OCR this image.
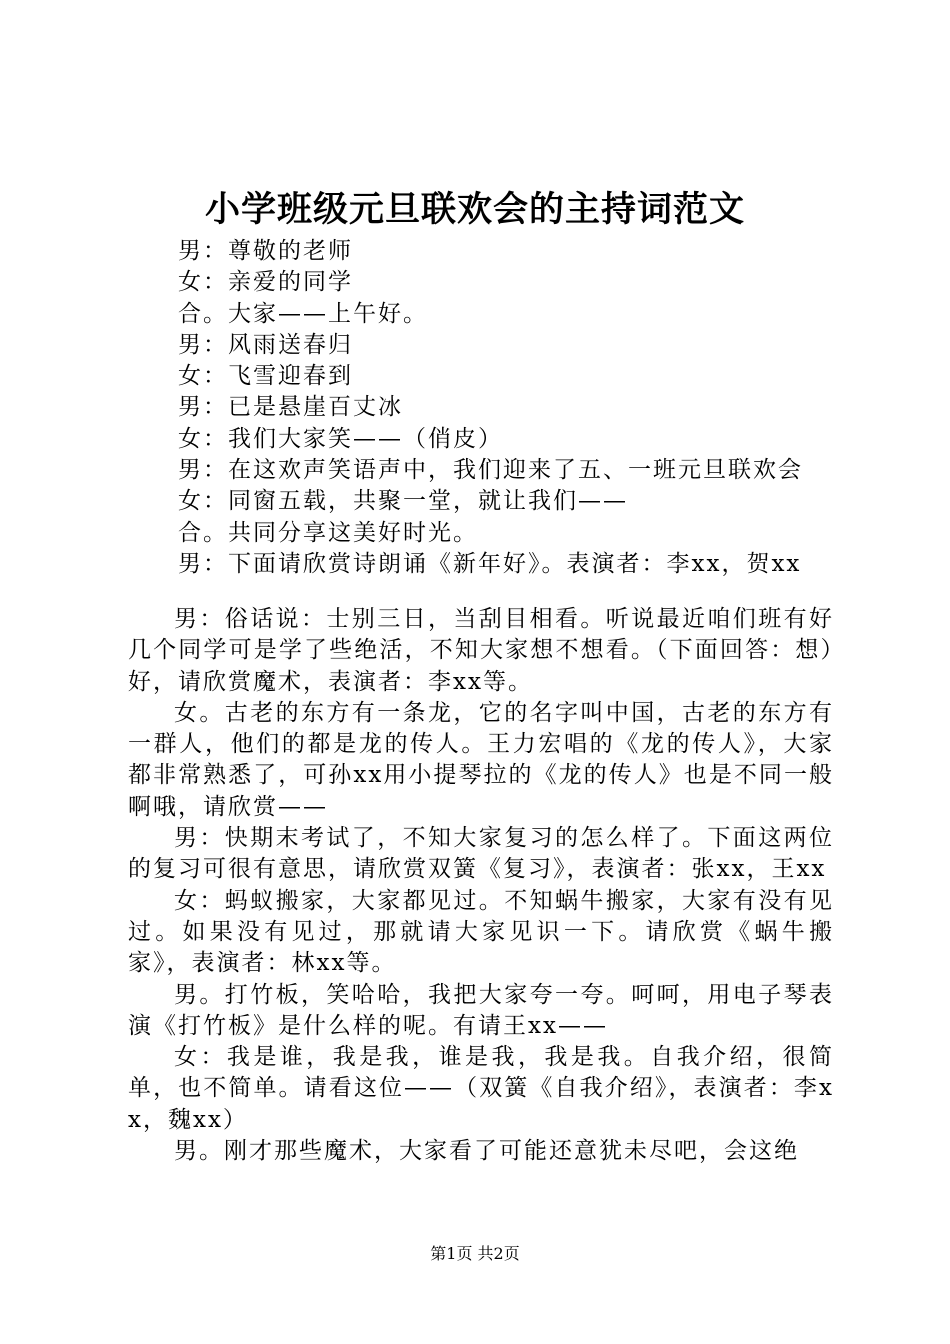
小学班级元旦联欢会的主持词范文
男：尊敬的老师
女：亲爱的同学
合。大家——上午好。
男：风雨送春归
女：飞雪迎春到
男：已是悬崖百丈冰
女：我们大家笑——（俏皮）
男：在这欢声笑语声中，我们迎来了五、一班元旦联欢会
女：同窗五载，共聚一堂，就让我们——
合。共同分享这美好时光。
男：下面请欣赏诗朗诵《新年好》。表演者：李xx，贺xx

男：俗话说：士别三日，当刮目相看。听说最近咱们班有好几个同学可是学了些绝活，不知大家想不想看。（下面回答：想）好，请欣赏魔术，表演者：李xx等。

女。古老的东方有一条龙，它的名字叫中国，古老的东方有一群人，他们的都是龙的传人。王力宏唱的《龙的传人》，大家都非常熟悉了，可孙xx用小提琴拉的《龙的传人》也是不同一般啊哦，请欣赏——

男：快期末考试了，不知大家复习的怎么样了。下面这两位的复习可很有意思，请欣赏双簧《复习》，表演者：张xx，王xx

女：蚂蚁搬家，大家都见过。不知蜗牛搬家，大家有没有见过。如果没有见过，那就请大家见识一下。请欣赏《蜗牛搬家》，表演者：林xx等。

男。打竹板，笑哈哈，我把大家夸一夸。呵呵，用电子琴表演《打竹板》是什么样的呢。有请王xx——

女：我是谁，我是我，谁是我，我是我。自我介绍，很简单，也不简单。请看这位——（双簧《自我介绍》，表演者：李xx，魏xx）

男。刚才那些魔术，大家看了可能还意犹未尽吧，会这绝

第1页 共2页
